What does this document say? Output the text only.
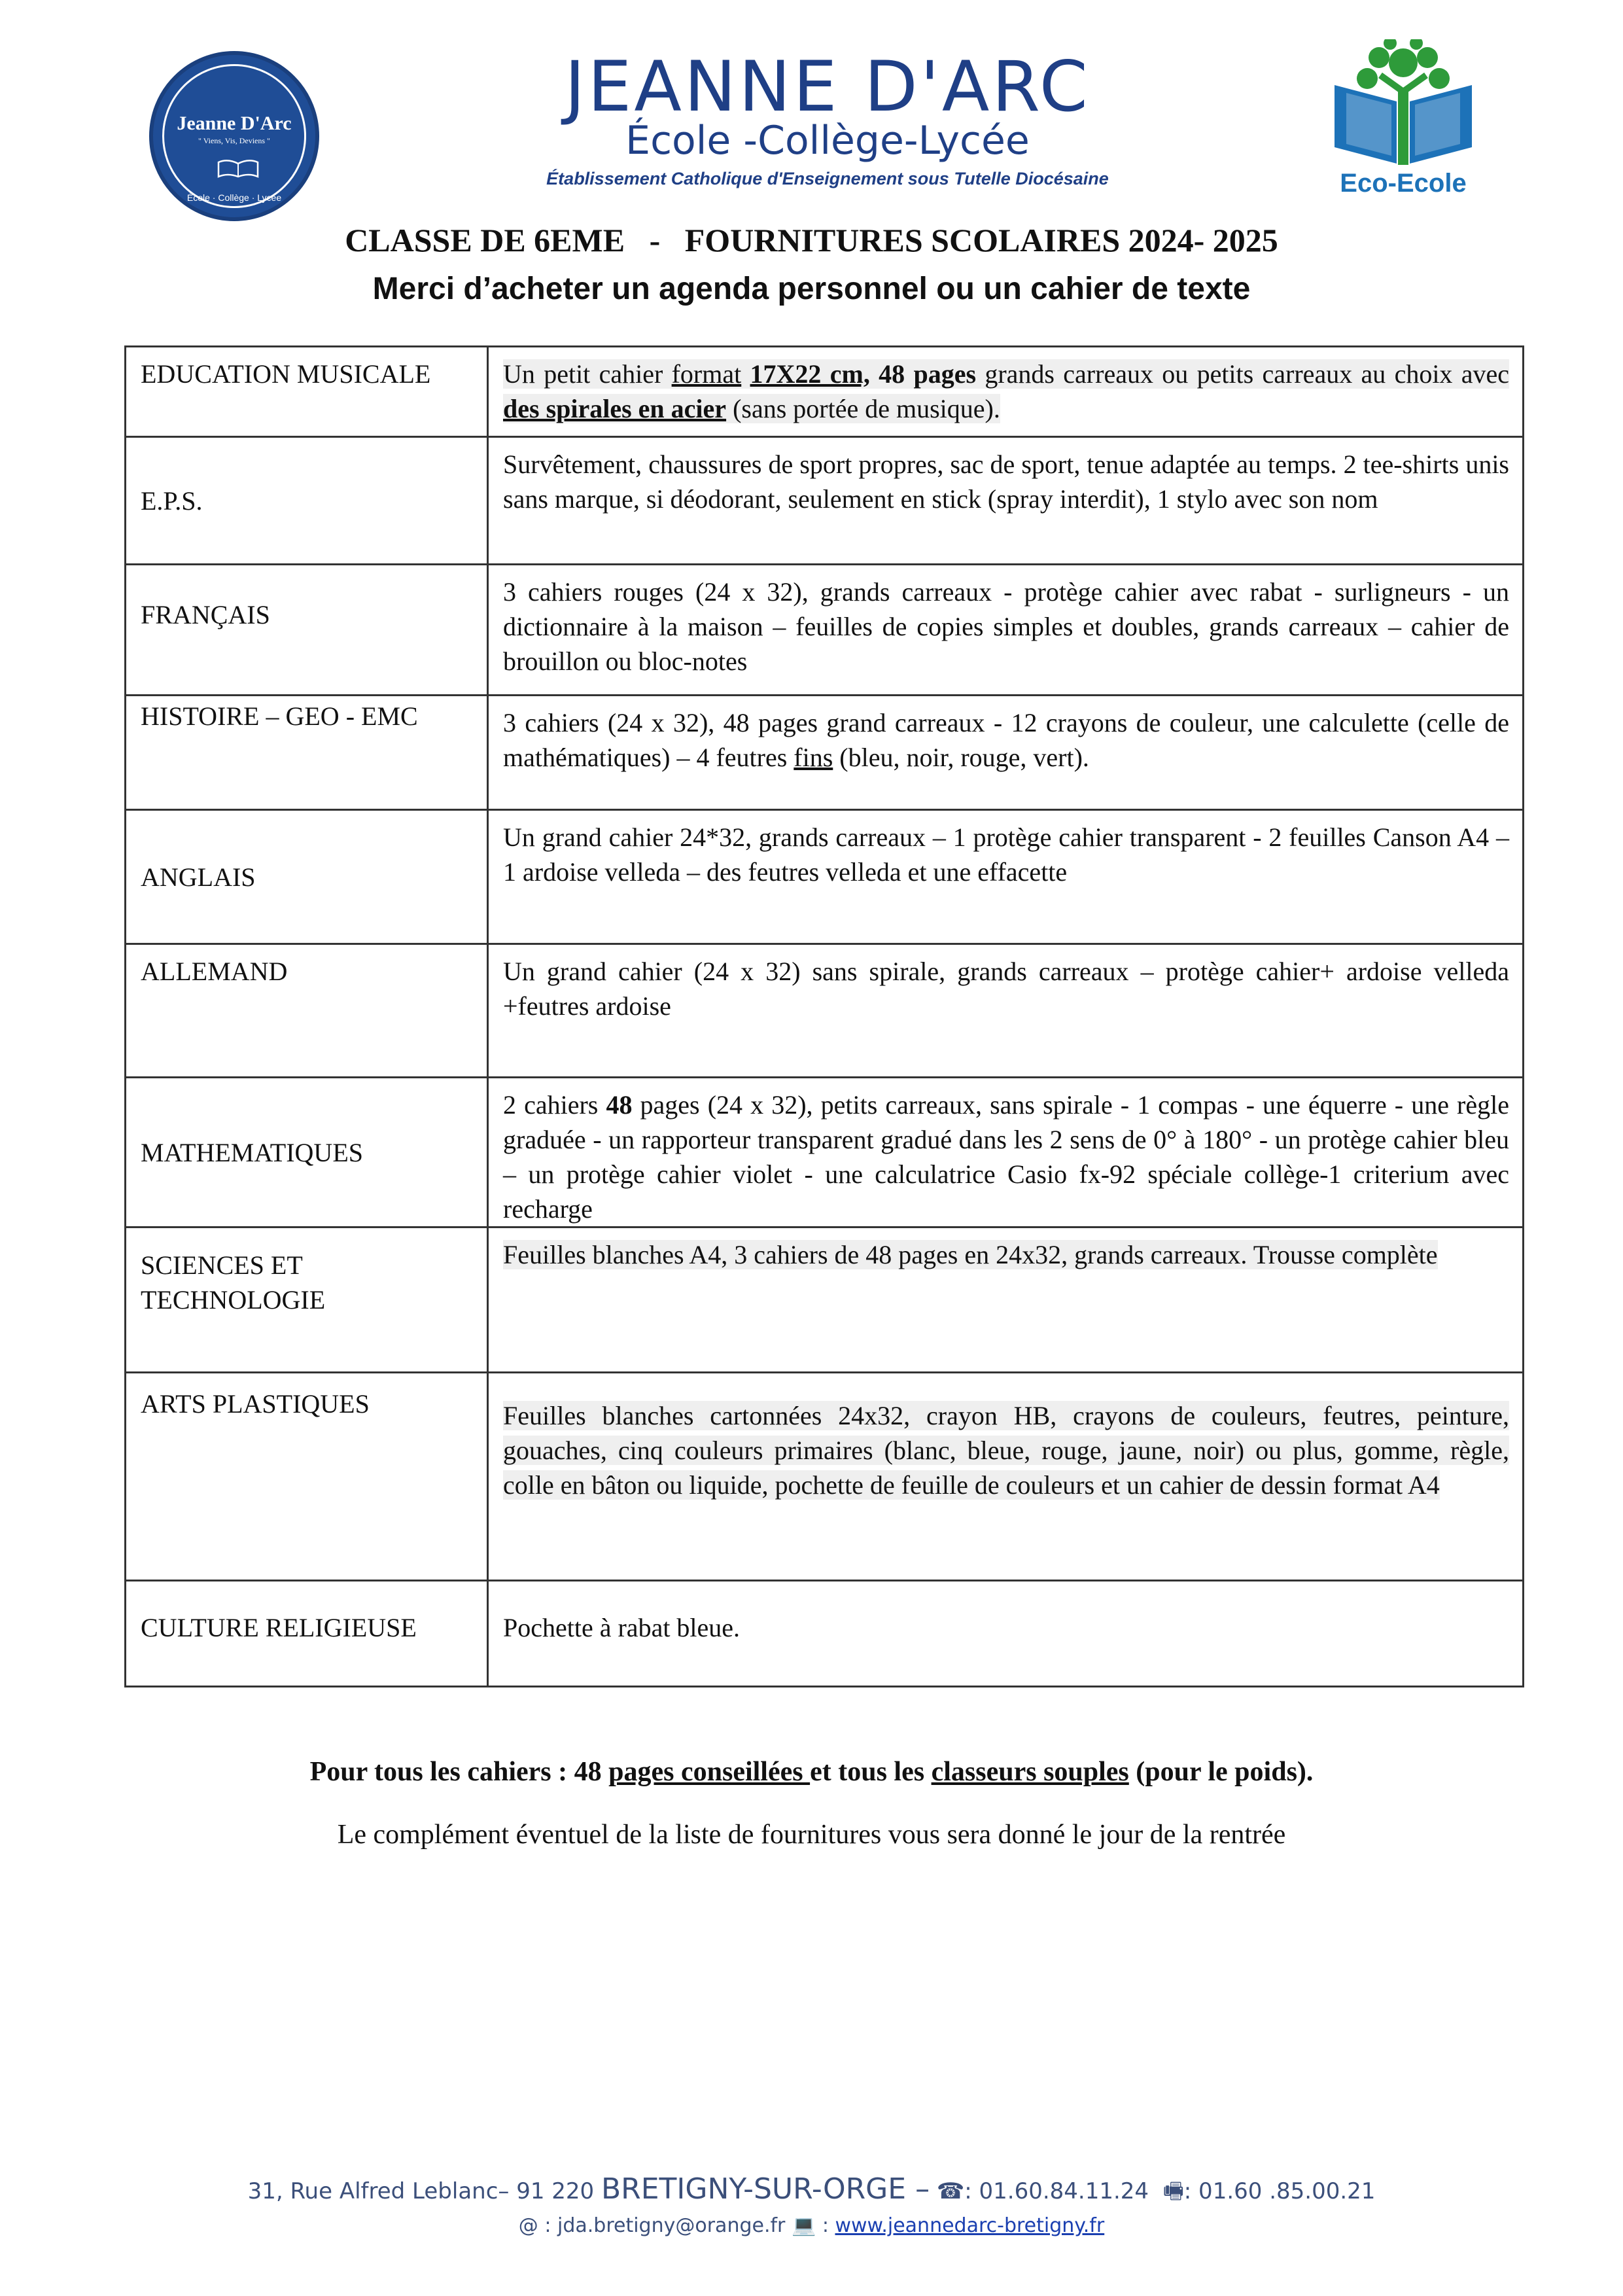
Jeanne D'Arc
" Viens, Vis, Deviens "
École · Collège · Lycée
JEANNE D'ARC
École -Collège-Lycée
Établissement Catholique d'Enseignement sous Tutelle Diocésaine	Eco-Ecole
CLASSE DE 6EME   -   FOURNITURES SCOLAIRES 2024- 2025
Merci d’acheter un agenda personnel ou un cahier de texte
EDUCATION MUSICALE	Un petit cahier format 17X22 cm, 48 pages grands carreaux ou petits carreaux au choix avec des spirales en acier (sans portée de musique).
E.P.S.	Survêtement, chaussures de sport propres, sac de sport, tenue adaptée au temps. 2 tee-shirts unis sans marque, si déodorant, seulement en stick (spray interdit), 1 stylo avec son nom
FRANÇAIS	3 cahiers rouges (24 x 32), grands carreaux - protège cahier avec rabat - surligneurs - un dictionnaire à la maison – feuilles de copies simples et doubles, grands carreaux – cahier de brouillon ou bloc-notes
HISTOIRE – GEO - EMC	3 cahiers (24 x 32), 48 pages grand carreaux - 12 crayons de couleur, une calculette (celle de mathématiques) – 4 feutres fins (bleu, noir, rouge, vert).
ANGLAIS	Un grand cahier 24*32, grands carreaux – 1 protège cahier transparent - 2 feuilles Canson A4 – 1 ardoise velleda – des feutres velleda et une effacette
ALLEMAND	Un grand cahier (24 x 32) sans spirale, grands carreaux – protège cahier+ ardoise velleda +feutres ardoise
MATHEMATIQUES	2 cahiers 48 pages (24 x 32), petits carreaux, sans spirale - 1 compas - une équerre - une règle graduée - un rapporteur transparent gradué dans les 2 sens de 0° à 180° - un protège cahier bleu – un protège cahier violet - une calculatrice Casio fx-92 spéciale collège-1 criterium avec recharge
SCIENCES ET TECHNOLOGIE	Feuilles blanches A4, 3 cahiers de 48 pages en 24x32, grands carreaux. Trousse complète
ARTS PLASTIQUES	Feuilles blanches cartonnées 24x32, crayon HB, crayons de couleurs, feutres, peinture, gouaches, cinq couleurs primaires (blanc, bleue, rouge, jaune, noir) ou plus, gomme, règle, colle en bâton ou liquide, pochette de feuille de couleurs et un cahier de dessin format A4
CULTURE RELIGIEUSE	Pochette à rabat bleue.
Pour tous les cahiers : 48 pages conseillées et tous les classeurs souples (pour le poids).
Le complément éventuel de la liste de fournitures vous sera donné le jour de la rentrée
31, Rue Alfred Leblanc– 91 220 BRETIGNY-SUR-ORGE – ☎: 01.60.84.11.24 🖷: 01.60 .85.00.21
@ : jda.bretigny@orange.fr 💻 : www.jeannedarc-bretigny.fr
